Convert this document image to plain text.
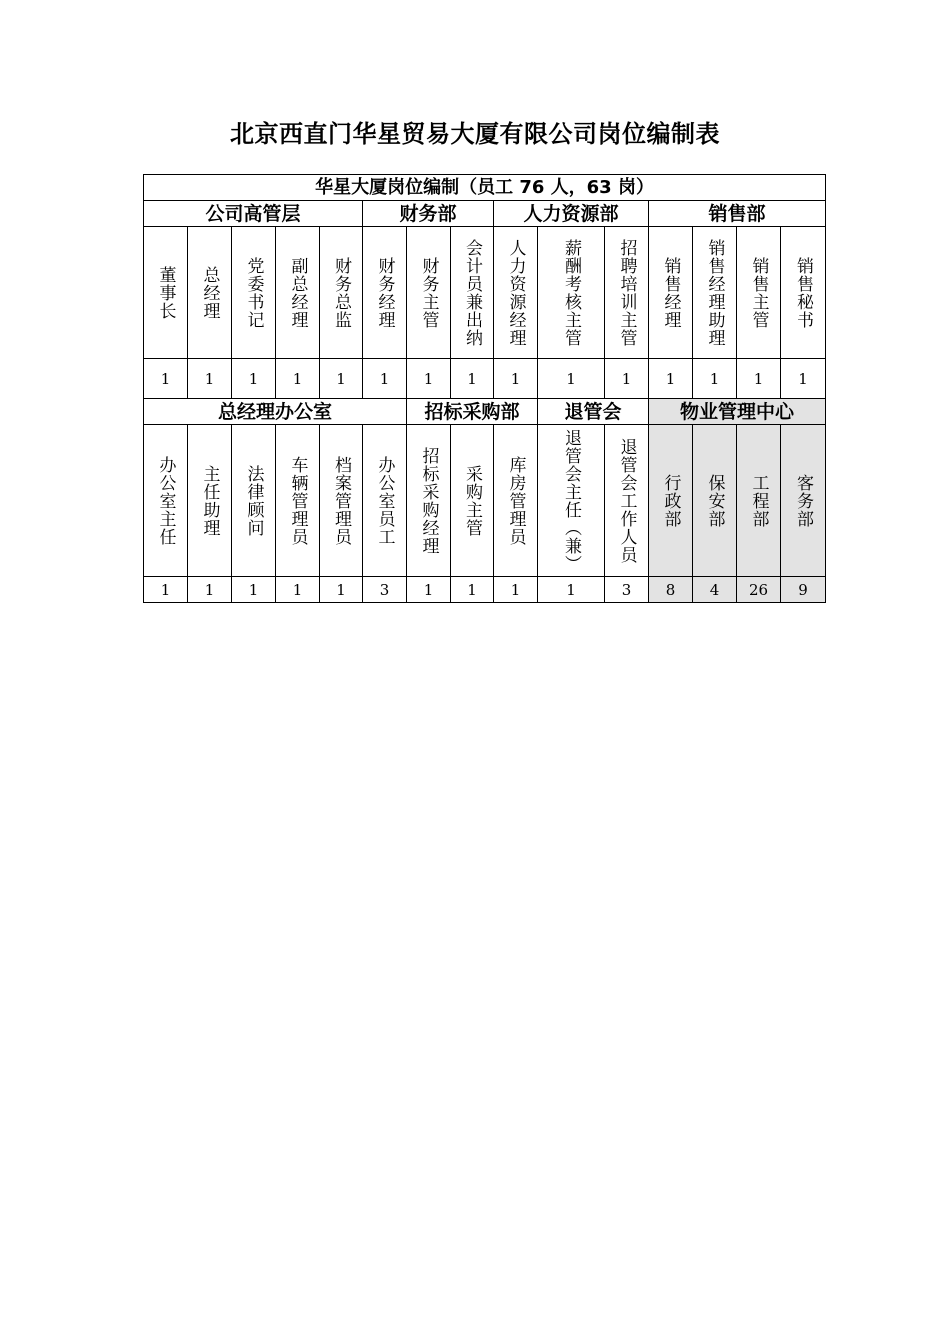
北京西直门华星贸易大厦有限公司岗位编制表
华星大厦岗位编制（员工 76 人，63 岗）														
公司高管层					财务部			人力资源部			销售部			

董事长	总经理	党委书记	副总经理	财务总监	财务经理	财务主管	会计员兼出纳	人力资源经理	薪酬考核主管	招聘培训主管	销售经理	销售经理助理	销售主管	销售秘书

1	1	1	1	1	1	1	1	1	1	1	1	1	1	1
总经理办公室						招标采购部			退管会		物业管理中心			

办公室主任	主任助理	法律顾问	车辆管理员	档案管理员	办公室员工	招标采购经理	采购主管	库房管理员	退管会主任（兼）	退管会工作人员	行政部	保安部	工程部	客务部

1	1	1	1	1	3	1	1	1	1	3	8	4	26	9
